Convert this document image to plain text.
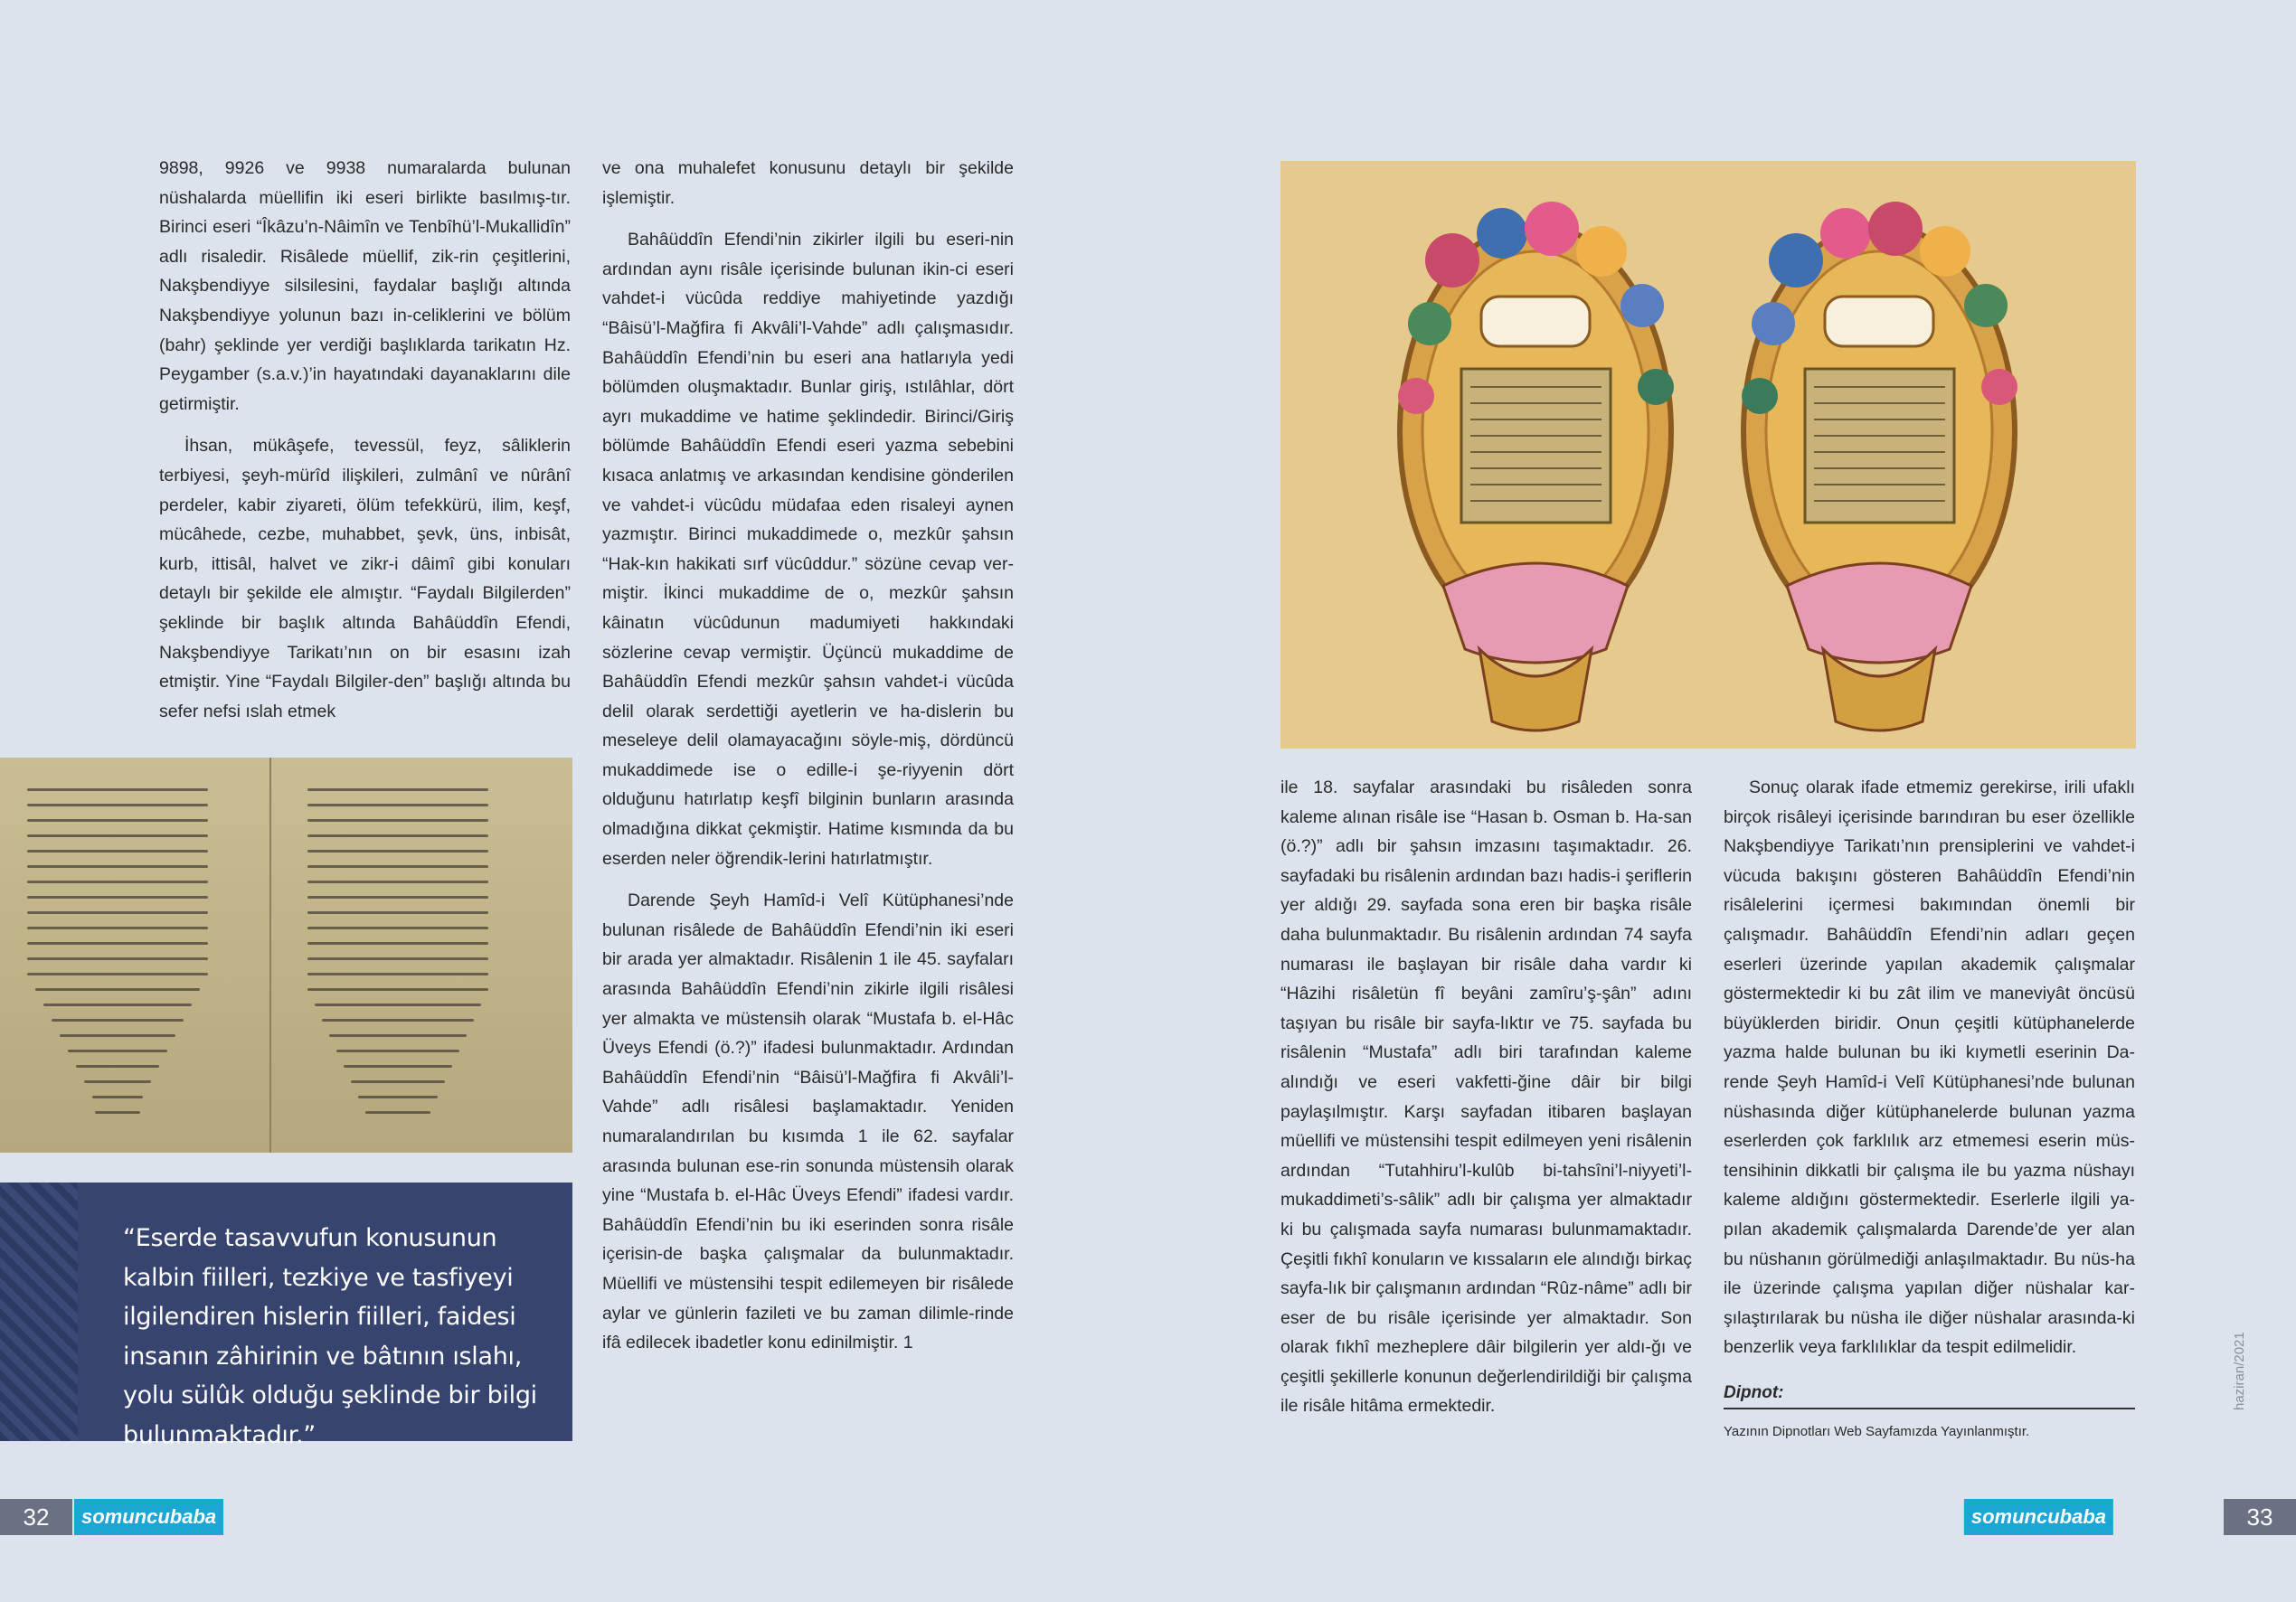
9898, 9926 ve 9938 numaralarda bulunan nüshalarda müellifin iki eseri birlikte basılmış-tır. Birinci eseri “Îkâzu’n-Nâimîn ve Tenbîhü’l-Mukallidîn” adlı risaledir. Risâlede müellif, zik-rin çeşitlerini, Nakşbendiyye silsilesini, faydalar başlığı altında Nakşbendiyye yolunun bazı in-celiklerini ve bölüm (bahr) şeklinde yer verdiği başlıklarda tarikatın Hz. Peygamber (s.a.v.)’in hayatındaki dayanaklarını dile getirmiştir.

İhsan, mükâşefe, tevessül, feyz, sâliklerin terbiyesi, şeyh-mürîd ilişkileri, zulmânî ve nûrânî perdeler, kabir ziyareti, ölüm tefekkürü, ilim, keşf, mücâhede, cezbe, muhabbet, şevk, üns, inbisât, kurb, ittisâl, halvet ve zikr-i dâimî gibi konuları detaylı bir şekilde ele almıştır. “Faydalı Bilgilerden” şeklinde bir başlık altında Bahâüddîn Efendi, Nakşbendiyye Tarikatı’nın on bir esasını izah etmiştir. Yine “Faydalı Bilgiler-den” başlığı altında bu sefer nefsi ıslah etmek

ve ona muhalefet konusunu detaylı bir şekilde işlemiştir.

Bahâüddîn Efendi’nin zikirler ilgili bu eseri-nin ardından aynı risâle içerisinde bulunan ikin-ci eseri vahdet-i vücûda reddiye mahiyetinde yazdığı “Bâisü’l-Mağfira fi Akvâli’l-Vahde” adlı çalışmasıdır. Bahâüddîn Efendi’nin bu eseri ana hatlarıyla yedi bölümden oluşmaktadır. Bunlar giriş, ıstılâhlar, dört ayrı mukaddime ve hatime şeklindedir. Birinci/Giriş bölümde Bahâüddîn Efendi eseri yazma sebebini kısaca anlatmış ve arkasından kendisine gönderilen ve vahdet-i vücûdu müdafaa eden risaleyi aynen yazmıştır. Birinci mukaddimede o, mezkûr şahsın “Hak-kın hakikati sırf vücûddur.” sözüne cevap ver-miştir. İkinci mukaddime de o, mezkûr şahsın kâinatın vücûdunun madumiyeti hakkındaki sözlerine cevap vermiştir. Üçüncü mukaddime de Bahâüddîn Efendi mezkûr şahsın vahdet-i vücûda delil olarak serdettiği ayetlerin ve ha-dislerin bu meseleye delil olamayacağını söyle-miş, dördüncü mukaddimede ise o edille-i şe-riyyenin dört olduğunu hatırlatıp keşfî bilginin bunların arasında olmadığına dikkat çekmiştir. Hatime kısmında da bu eserden neler öğrendik-lerini hatırlatmıştır.

Darende Şeyh Hamîd-i Velî Kütüphanesi’nde bulunan risâlede de Bahâüddîn Efendi’nin iki eseri bir arada yer almaktadır. Risâlenin 1 ile 45. sayfaları arasında Bahâüddîn Efendi’nin zikirle ilgili risâlesi yer almakta ve müstensih olarak “Mustafa b. el-Hâc Üveys Efendi (ö.?)” ifadesi bulunmaktadır. Ardından Bahâüddîn Efendi’nin “Bâisü’l-Mağfira fi Akvâli’l-Vahde” adlı risâlesi başlamaktadır. Yeniden numaralandırılan bu kısımda 1 ile 62. sayfalar arasında bulunan ese-rin sonunda müstensih olarak yine “Mustafa b. el-Hâc Üveys Efendi” ifadesi vardır. Bahâüddîn Efendi’nin bu iki eserinden sonra risâle içerisin-de başka çalışmalar da bulunmaktadır. Müellifi ve müstensihi tespit edilemeyen bir risâlede aylar ve günlerin fazileti ve bu zaman dilimle-rinde ifâ edilecek ibadetler konu edinilmiştir. 1

“Eserde tasavvufun konusunun kalbin fiilleri, tezkiye ve tasfiyeyi ilgilendiren hislerin fiilleri, faidesi insanın zâhirinin ve bâtının ıslahı, yolu sülûk olduğu şeklinde bir bilgi bulunmaktadır.”
32	somuncubaba

ile 18. sayfalar arasındaki bu risâleden sonra kaleme alınan risâle ise “Hasan b. Osman b. Ha-san (ö.?)” adlı bir şahsın imzasını taşımaktadır. 26. sayfadaki bu risâlenin ardından bazı hadis-i şeriflerin yer aldığı 29. sayfada sona eren bir başka risâle daha bulunmaktadır. Bu risâlenin ardından 74 sayfa numarası ile başlayan bir risâle daha vardır ki “Hâzihi risâletün fî beyâni zamîru’ş-şân” adını taşıyan bu risâle bir sayfa-lıktır ve 75. sayfada bu risâlenin “Mustafa” adlı biri tarafından kaleme alındığı ve eseri vakfetti-ğine dâir bir bilgi paylaşılmıştır. Karşı sayfadan itibaren başlayan müellifi ve müstensihi tespit edilmeyen yeni risâlenin ardından “Tutahhiru’l-kulûb bi-tahsîni’l-niyyeti’l-mukaddimeti’s-sâlik” adlı bir çalışma yer almaktadır ki bu çalışmada sayfa numarası bulunmamaktadır. Çeşitli fıkhî konuların ve kıssaların ele alındığı birkaç sayfa-lık bir çalışmanın ardından “Rûz-nâme” adlı bir eser de bu risâle içerisinde yer almaktadır. Son olarak fıkhî mezheplere dâir bilgilerin yer aldı-ğı ve çeşitli şekillerle konunun değerlendirildiği bir çalışma ile risâle hitâma ermektedir.

Sonuç olarak ifade etmemiz gerekirse, irili ufaklı birçok risâleyi içerisinde barındıran bu eser özellikle Nakşbendiyye Tarikatı’nın prensiplerini ve vahdet-i vücuda bakışını gösteren Bahâüddîn Efendi’nin risâlelerini içermesi bakımından önemli bir çalışmadır. Bahâüddîn Efendi’nin adları geçen eserleri üzerinde yapılan akademik çalışmalar göstermektedir ki bu zât ilim ve maneviyât öncüsü büyüklerden biridir. Onun çeşitli kütüphanelerde yazma halde bulunan bu iki kıymetli eserinin Da-rende Şeyh Hamîd-i Velî Kütüphanesi’nde bulunan nüshasında diğer kütüphanelerde bulunan yazma eserlerden çok farklılık arz etmemesi eserin müs-tensihinin dikkatli bir çalışma ile bu yazma nüshayı kaleme aldığını göstermektedir. Eserlerle ilgili ya-pılan akademik çalışmalarda Darende’de yer alan bu nüshanın görülmediği anlaşılmaktadır. Bu nüs-ha ile üzerinde çalışma yapılan diğer nüshalar kar-şılaştırılarak bu nüsha ile diğer nüshalar arasında-ki benzerlik veya farklılıklar da tespit edilmelidir.

Dipnot:
Yazının Dipnotları Web Sayfamızda Yayınlanmıştır.
haziran/2021
somuncubaba	33
